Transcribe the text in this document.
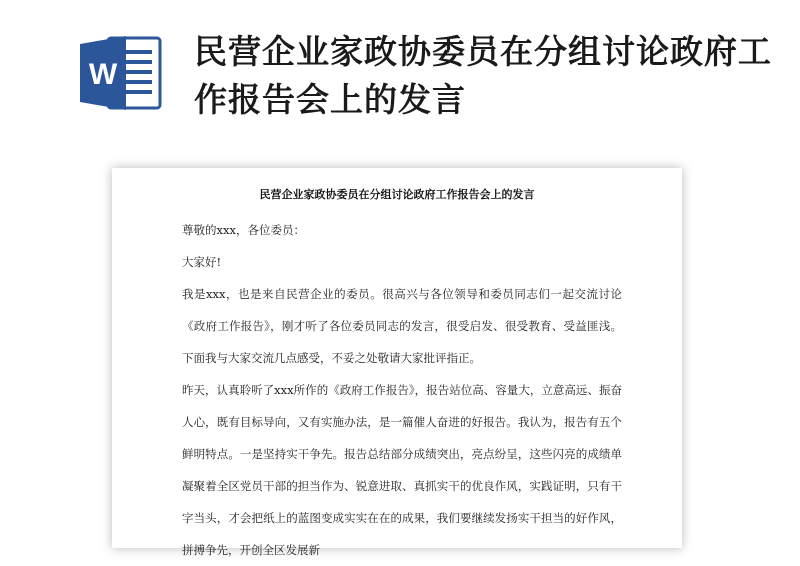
W
民营企业家政协委员在分组讨论政府工作报告会上的发言
民营企业家政协委员在分组讨论政府工作报告会上的发言

尊敬的xxx，各位委员：

大家好!

我是xxx，也是来自民营企业的委员。很高兴与各位领导和委员同志们一起交流讨论《政府工作报告》，刚才听了各位委员同志的发言，很受启发、很受教育、受益匪浅。下面我与大家交流几点感受，不妥之处敬请大家批评指正。

昨天，认真聆听了xxx所作的《政府工作报告》，报告站位高、容量大，立意高远、振奋人心，既有目标导向，又有实施办法，是一篇催人奋进的好报告。我认为，报告有五个鲜明特点。一是坚持实干争先。报告总结部分成绩突出，亮点纷呈，这些闪亮的成绩单凝聚着全区党员干部的担当作为、锐意进取、真抓实干的优良作风，实践证明，只有干字当头，才会把纸上的蓝图变成实实在在的成果，我们要继续发扬实干担当的好作风，拼搏争先，开创全区发展新
